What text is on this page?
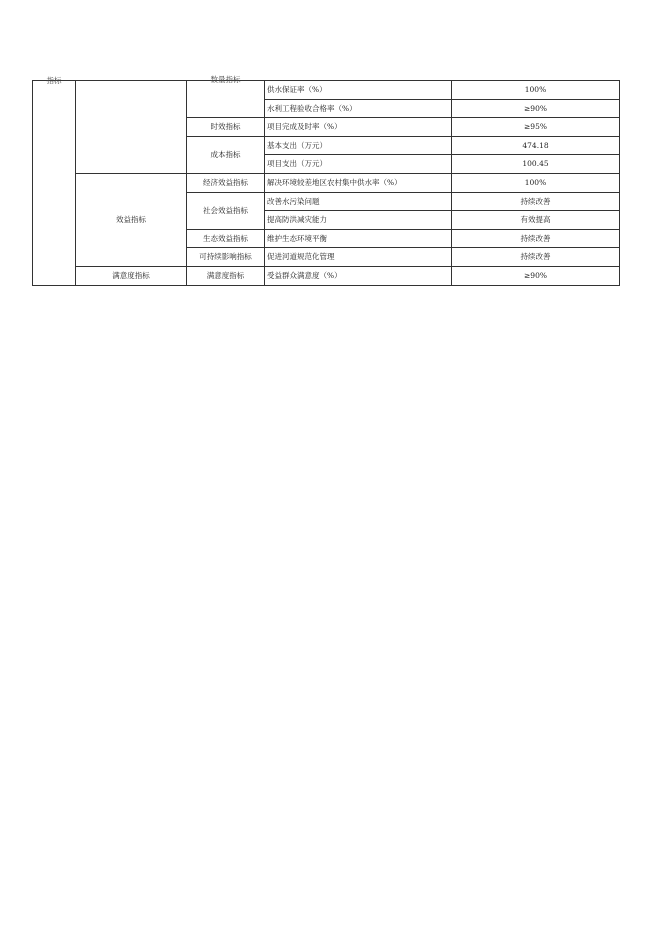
指标		数量指标	供水保证率（%）	100%
			水利工程验收合格率（%）	≥90%
		时效指标	项目完成及时率（%）	≥95%
		成本指标	基本支出（万元）	474.18
			项目支出（万元）	100.45
	效益指标	经济效益指标	解决环境较差地区农村集中供水率（%）	100%
		社会效益指标	改善水污染问题	持续改善
			提高防洪减灾能力	有效提高
		生态效益指标	维护生态环境平衡	持续改善
		可持续影响指标	促进河道规范化管理	持续改善
	满意度指标	满意度指标	受益群众满意度（%）	≥90%
